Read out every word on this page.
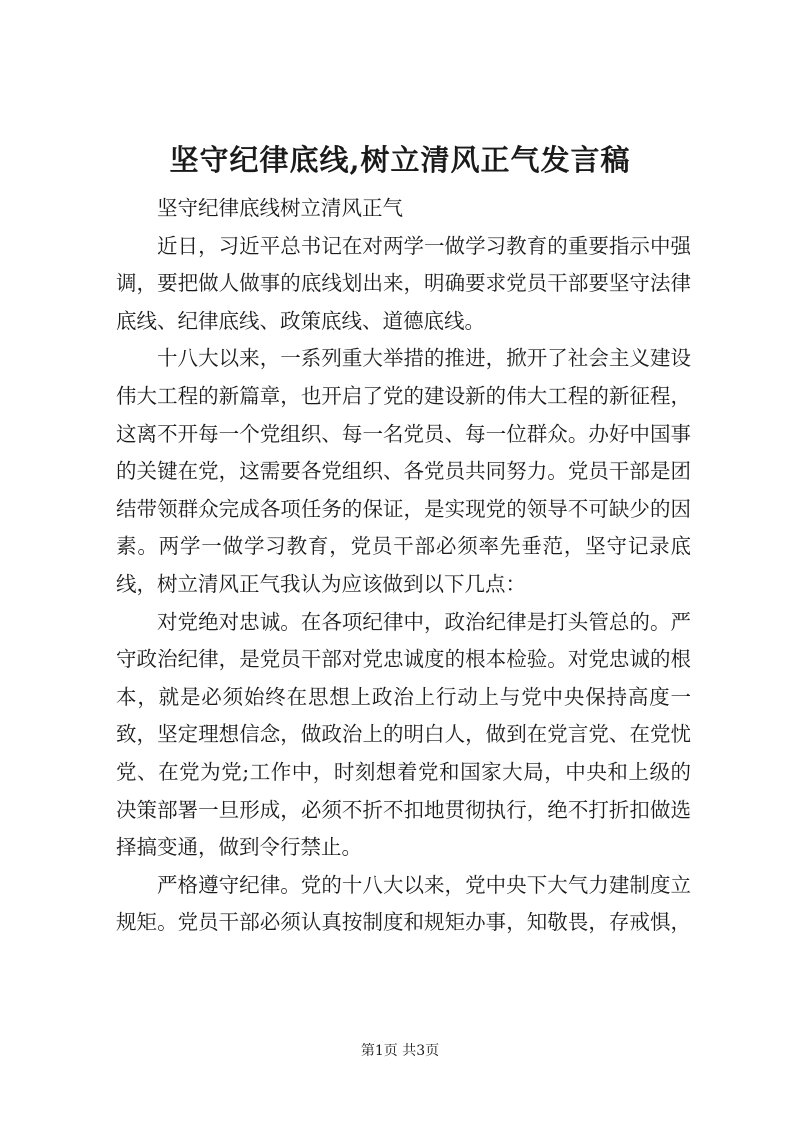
坚守纪律底线,树立清风正气发言稿

坚守纪律底线树立清风正气

近日，习近平总书记在对两学一做学习教育的重要指示中强调，要把做人做事的底线划出来，明确要求党员干部要坚守法律底线、纪律底线、政策底线、道德底线。

十八大以来，一系列重大举措的推进，掀开了社会主义建设伟大工程的新篇章，也开启了党的建设新的伟大工程的新征程，这离不开每一个党组织、每一名党员、每一位群众。办好中国事的关键在党，这需要各党组织、各党员共同努力。党员干部是团结带领群众完成各项任务的保证，是实现党的领导不可缺少的因素。两学一做学习教育，党员干部必须率先垂范，坚守记录底线，树立清风正气我认为应该做到以下几点：

对党绝对忠诚。在各项纪律中，政治纪律是打头管总的。严守政治纪律，是党员干部对党忠诚度的根本检验。对党忠诚的根本，就是必须始终在思想上政治上行动上与党中央保持高度一致，坚定理想信念，做政治上的明白人，做到在党言党、在党忧党、在党为党;工作中，时刻想着党和国家大局，中央和上级的决策部署一旦形成，必须不折不扣地贯彻执行，绝不打折扣做选择搞变通，做到令行禁止。

严格遵守纪律。党的十八大以来，党中央下大气力建制度立规矩。党员干部必须认真按制度和规矩办事，知敬畏，存戒惧，

第1页 共3页
